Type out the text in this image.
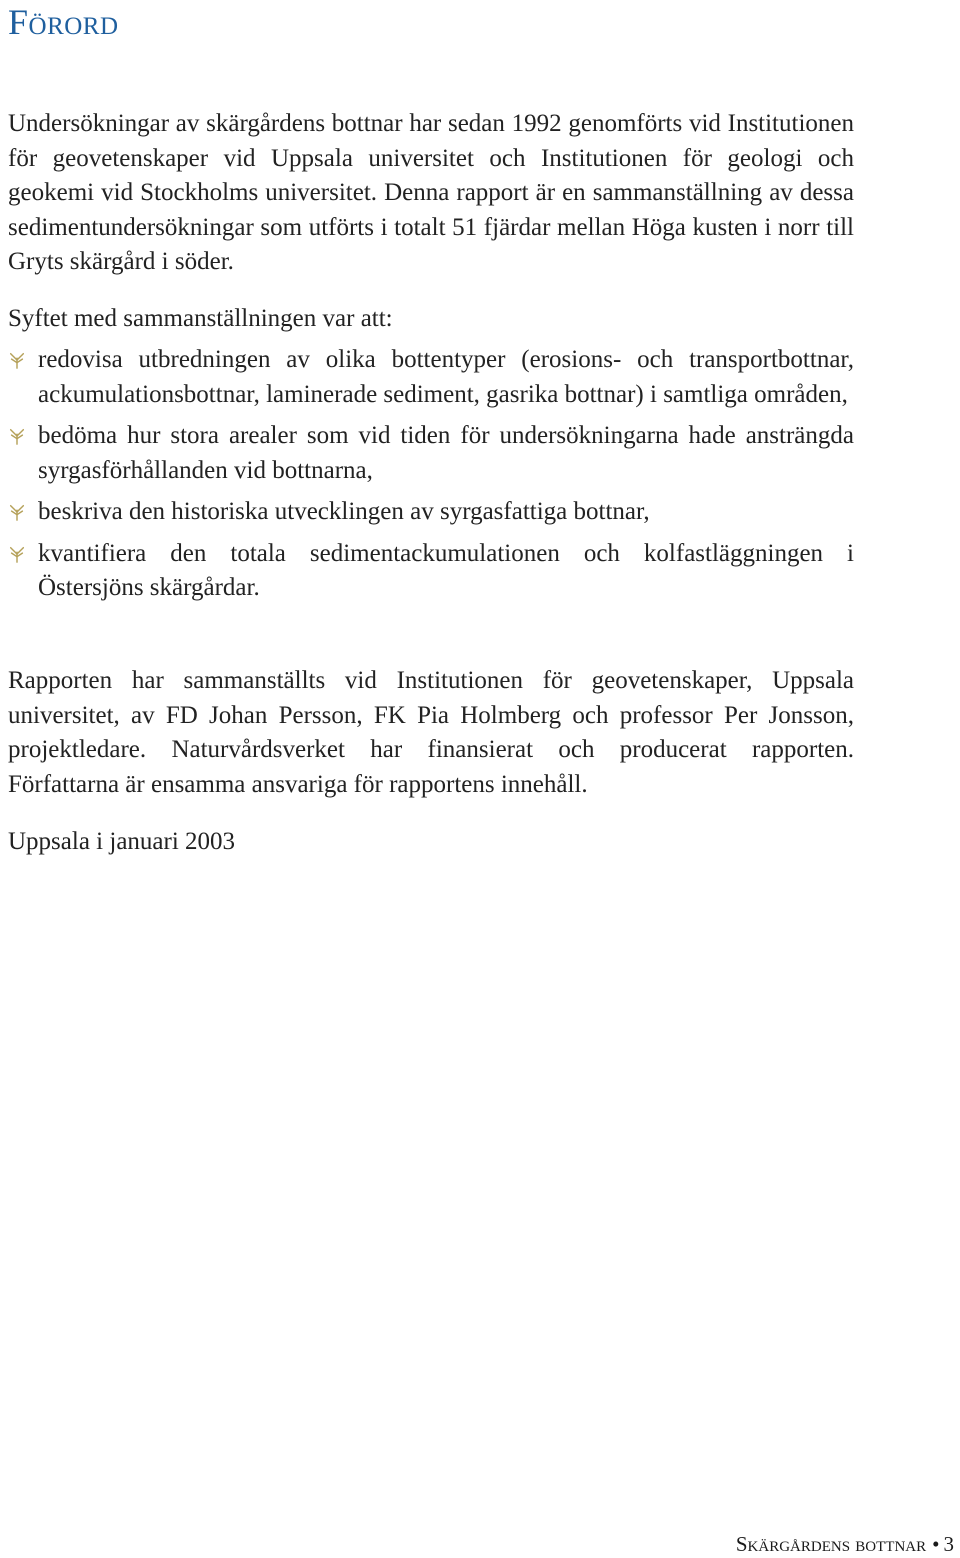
Förord

Undersökningar av skärgårdens bottnar har sedan 1992 genomförts vid Institutionen för geovetenskaper vid Uppsala universitet och Institutionen för geologi och geokemi vid Stockholms universitet. Denna rapport är en sammanställning av dessa sedimentundersökningar som utförts i totalt 51 fjärdar mellan Höga kusten i norr till Gryts skärgård i söder.

Syftet med sammanställningen var att:

redovisa utbredningen av olika bottentyper (erosions- och transportbottnar, ackumulationsbottnar, laminerade sediment, gasrika bottnar) i samtliga områden,
bedöma hur stora arealer som vid tiden för undersökningarna hade ansträngda syrgasförhållanden vid bottnarna,
beskriva den historiska utvecklingen av syrgasfattiga bottnar,
kvantifiera den totala sedimentackumulationen och kolfastläggningen i Östersjöns skärgårdar.

Rapporten har sammanställts vid Institutionen för geovetenskaper, Uppsala universitet, av FD Johan Persson, FK Pia Holmberg och professor Per Jonsson, projektledare. Naturvårdsverket har finansierat och producerat rapporten. Författarna är ensamma ansvariga för rapportens innehåll.

Uppsala i januari 2003

Skärgårdens bottnar • 3
